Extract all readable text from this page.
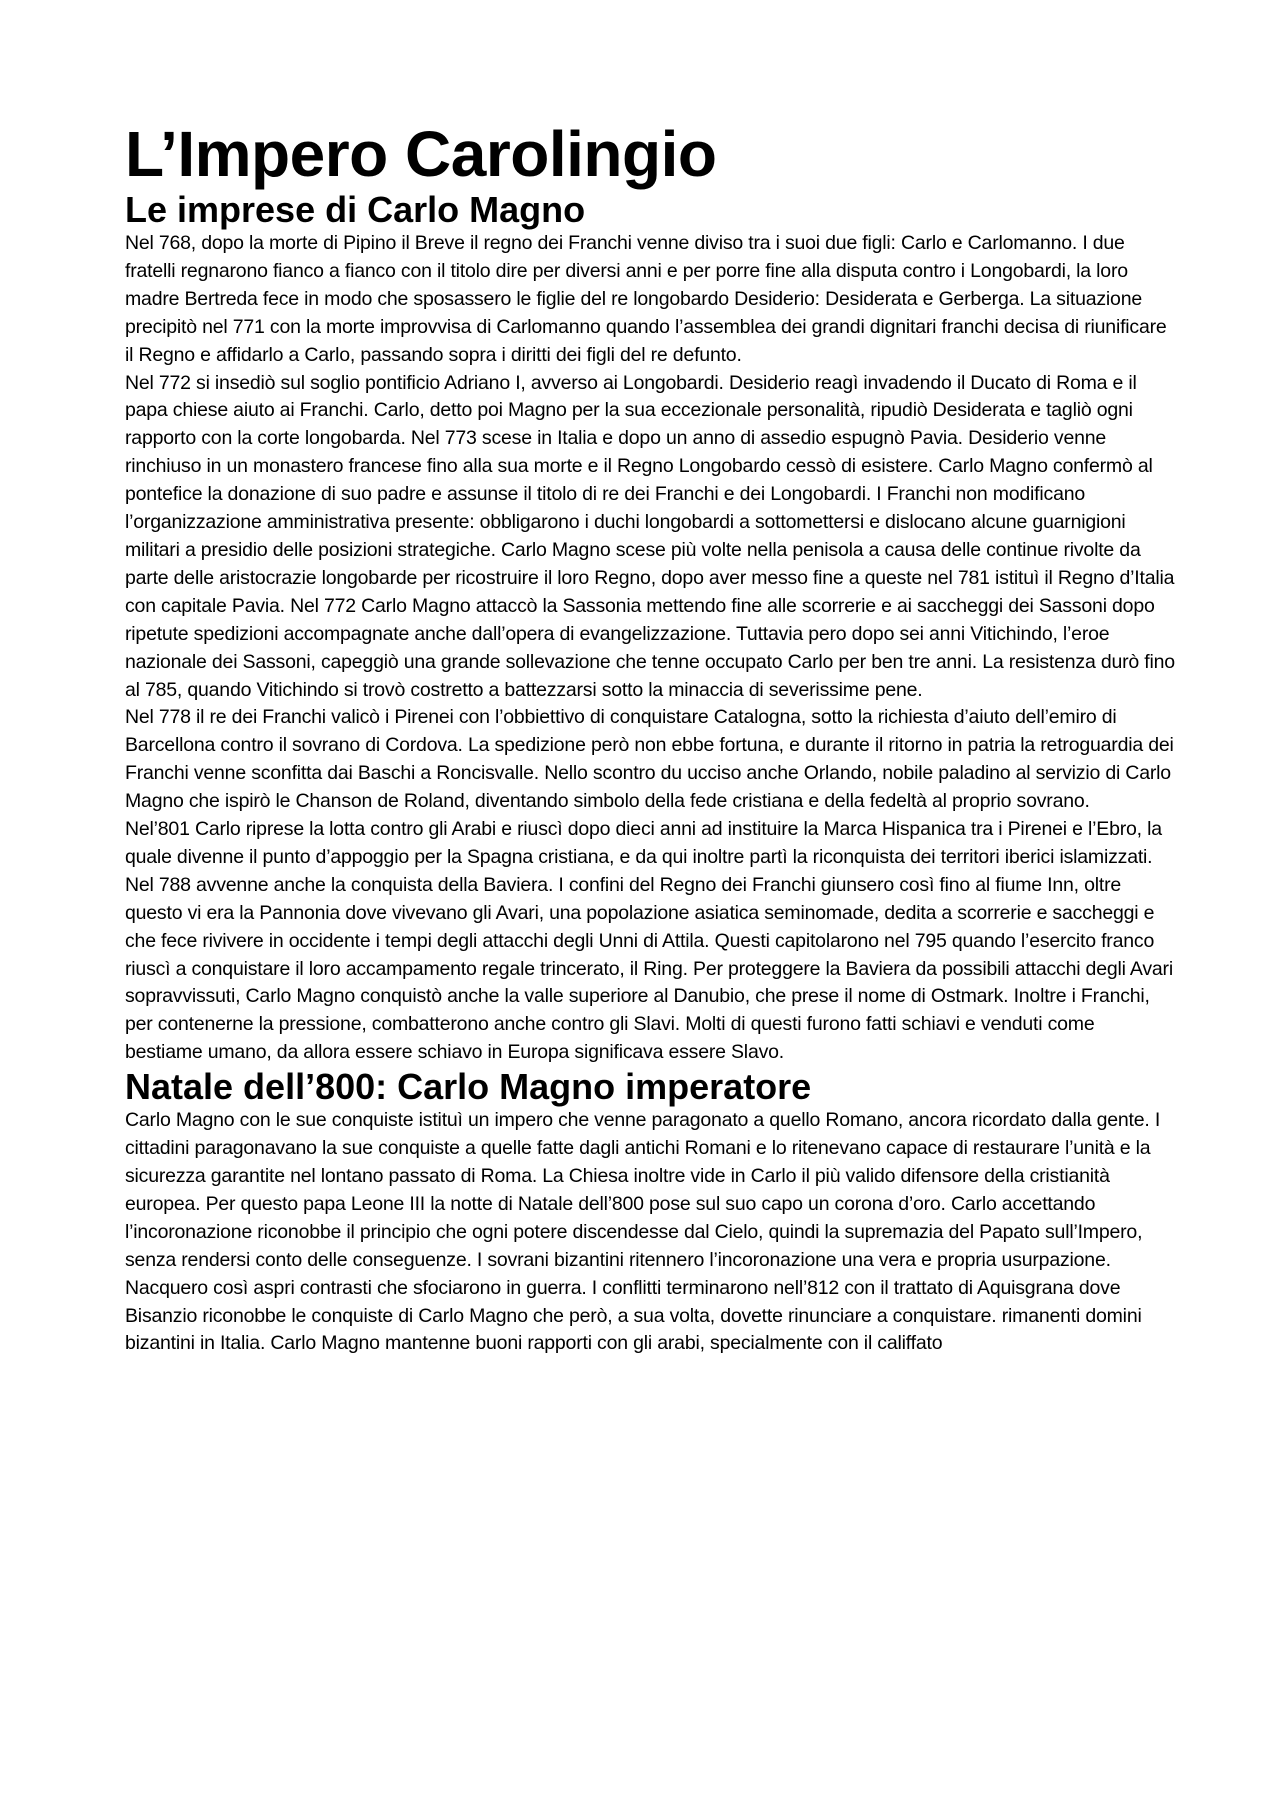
L’Impero Carolingio
Le imprese di Carlo Magno

Nel 768, dopo la morte di Pipino il Breve il regno dei Franchi venne diviso tra i suoi due figli: Carlo e Carlomanno. I due fratelli regnarono fianco a fianco con il titolo dire per diversi anni e per porre fine alla disputa contro i Longobardi, la loro madre Bertreda fece in modo che sposassero le figlie del re longobardo Desiderio: Desiderata e Gerberga. La situazione precipitò nel 771 con la morte improvvisa di Carlomanno quando l’assemblea dei grandi dignitari franchi decisa di riunificare il Regno e affidarlo a Carlo, passando sopra i diritti dei figli del re defunto.

Nel 772 si insediò sul soglio pontificio Adriano I, avverso ai Longobardi. Desiderio reagì invadendo il Ducato di Roma e il papa chiese aiuto ai Franchi. Carlo, detto poi Magno per la sua eccezionale personalità, ripudiò Desiderata e tagliò ogni rapporto con la corte longobarda. Nel 773 scese in Italia e dopo un anno di assedio espugnò Pavia. Desiderio venne rinchiuso in un monastero francese fino alla sua morte e il Regno Longobardo cessò di esistere. Carlo Magno confermò al pontefice la donazione di suo padre e assunse il titolo di re dei Franchi e dei Longobardi. I Franchi non modificano l’organizzazione amministrativa presente: obbligarono i duchi longobardi a sottomettersi e dislocano alcune guarnigioni militari a presidio delle posizioni strategiche. Carlo Magno scese più volte nella penisola a causa delle continue rivolte da parte delle aristocrazie longobarde per ricostruire il loro Regno, dopo aver messo fine a queste nel 781 istituì il Regno d’Italia con capitale Pavia. Nel 772 Carlo Magno attaccò la Sassonia mettendo fine alle scorrerie e ai saccheggi dei Sassoni dopo ripetute spedizioni accompagnate anche dall’opera di evangelizzazione. Tuttavia pero dopo sei anni Vitichindo, l’eroe nazionale dei Sassoni, capeggiò una grande sollevazione che tenne occupato Carlo per ben tre anni. La resistenza durò fino al 785, quando Vitichindo si trovò costretto a battezzarsi sotto la minaccia di severissime pene.

Nel 778 il re dei Franchi valicò i Pirenei con l’obbiettivo di conquistare Catalogna, sotto la richiesta d’aiuto dell’emiro di Barcellona contro il sovrano di Cordova. La spedizione però non ebbe fortuna, e durante il ritorno in patria la retroguardia dei Franchi venne sconfitta dai Baschi a Roncisvalle. Nello scontro du ucciso anche Orlando, nobile paladino al servizio di Carlo Magno che ispirò le Chanson de Roland, diventando simbolo della fede cristiana e della fedeltà al proprio sovrano.

Nel’801 Carlo riprese la lotta contro gli Arabi e riuscì dopo dieci anni ad instituire la Marca Hispanica tra i Pirenei e l’Ebro, la quale divenne il punto d’appoggio per la Spagna cristiana, e da qui inoltre partì la riconquista dei territori iberici islamizzati.

Nel 788 avvenne anche la conquista della Baviera. I confini del Regno dei Franchi giunsero così fino al fiume Inn, oltre questo vi era la Pannonia dove vivevano gli Avari, una popolazione asiatica seminomade, dedita a scorrerie e saccheggi e che fece rivivere in occidente i tempi degli attacchi degli Unni di Attila. Questi capitolarono nel 795 quando l’esercito franco riuscì a conquistare il loro accampamento regale trincerato, il Ring. Per proteggere la Baviera da possibili attacchi degli Avari sopravvissuti, Carlo Magno conquistò anche la valle superiore al Danubio, che prese il nome di Ostmark. Inoltre i Franchi, per contenerne la pressione, combatterono anche contro gli Slavi. Molti di questi furono fatti schiavi e venduti come bestiame umano, da allora essere schiavo in Europa significava essere Slavo.

Natale dell’800: Carlo Magno imperatore

Carlo Magno con le sue conquiste istituì un impero che venne paragonato a quello Romano, ancora ricordato dalla gente. I cittadini paragonavano la sue conquiste a quelle fatte dagli antichi Romani e lo ritenevano capace di restaurare l’unità e la sicurezza garantite nel lontano passato di Roma. La Chiesa inoltre vide in Carlo il più valido difensore della cristianità europea. Per questo papa Leone III la notte di Natale dell’800 pose sul suo capo un corona d’oro. Carlo accettando l’incoronazione riconobbe il principio che ogni potere discendesse dal Cielo, quindi la supremazia del Papato sull’Impero, senza rendersi conto delle conseguenze. I sovrani bizantini ritennero l’incoronazione una vera e propria usurpazione. Nacquero così aspri contrasti che sfociarono in guerra. I conflitti terminarono nell’812 con il trattato di Aquisgrana dove Bisanzio riconobbe le conquiste di Carlo Magno che però, a sua volta, dovette rinunciare a conquistare. rimanenti domini bizantini in Italia. Carlo Magno mantenne buoni rapporti con gli arabi, specialmente con il califfato
